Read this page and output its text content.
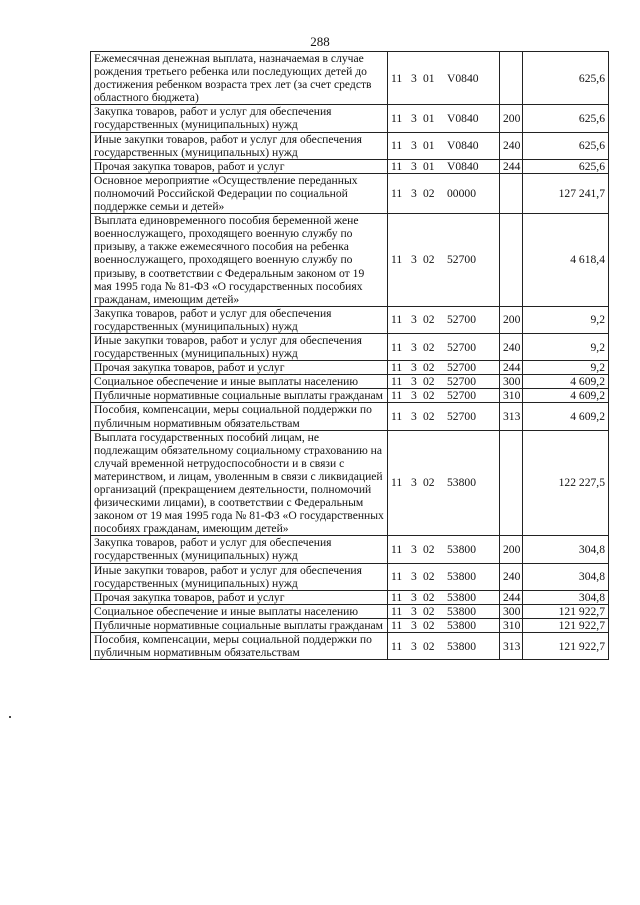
288
Ежемесячная денежная выплата, назначаемая в случае рождения третьего ребенка или последующих детей до достижения ребенком возраста трех лет (за счет средств областного бюджета)	11 3 01 V0840		625,6
Закупка товаров, работ и услуг для обеспечения государственных (муниципальных) нужд	11 3 01 V0840	200	625,6
Иные закупки товаров, работ и услуг для обеспечения государственных (муниципальных) нужд	11 3 01 V0840	240	625,6
Прочая закупка товаров, работ и услуг	11 3 01 V0840	244	625,6
Основное мероприятие «Осуществление переданных полномочий Российской Федерации по социальной поддержке семьи и детей»	11 3 02 00000		127 241,7
Выплата единовременного пособия беременной жене военнослужащего, проходящего военную службу по призыву, а также ежемесячного пособия на ребенка военнослужащего, проходящего военную службу по призыву, в соответствии с Федеральным законом от 19 мая 1995 года № 81-ФЗ «О государственных пособиях гражданам, имеющим детей»	11 3 02 52700		4 618,4
Закупка товаров, работ и услуг для обеспечения государственных (муниципальных) нужд	11 3 02 52700	200	9,2
Иные закупки товаров, работ и услуг для обеспечения государственных (муниципальных) нужд	11 3 02 52700	240	9,2
Прочая закупка товаров, работ и услуг	11 3 02 52700	244	9,2
Социальное обеспечение и иные выплаты населению	11 3 02 52700	300	4 609,2
Публичные нормативные социальные выплаты гражданам	11 3 02 52700	310	4 609,2
Пособия, компенсации, меры социальной поддержки по публичным нормативным обязательствам	11 3 02 52700	313	4 609,2
Выплата государственных пособий лицам, не подлежащим обязательному социальному страхованию на случай временной нетрудоспособности и в связи с материнством, и лицам, уволенным в связи с ликвидацией организаций (прекращением деятельности, полномочий физическими лицами), в соответствии с Федеральным законом от 19 мая 1995 года № 81-ФЗ «О государственных пособиях гражданам, имеющим детей»	11 3 02 53800		122 227,5
Закупка товаров, работ и услуг для обеспечения государственных (муниципальных) нужд	11 3 02 53800	200	304,8
Иные закупки товаров, работ и услуг для обеспечения государственных (муниципальных) нужд	11 3 02 53800	240	304,8
Прочая закупка товаров, работ и услуг	11 3 02 53800	244	304,8
Социальное обеспечение и иные выплаты населению	11 3 02 53800	300	121 922,7
Публичные нормативные социальные выплаты гражданам	11 3 02 53800	310	121 922,7
Пособия, компенсации, меры социальной поддержки по публичным нормативным обязательствам	11 3 02 53800	313	121 922,7
